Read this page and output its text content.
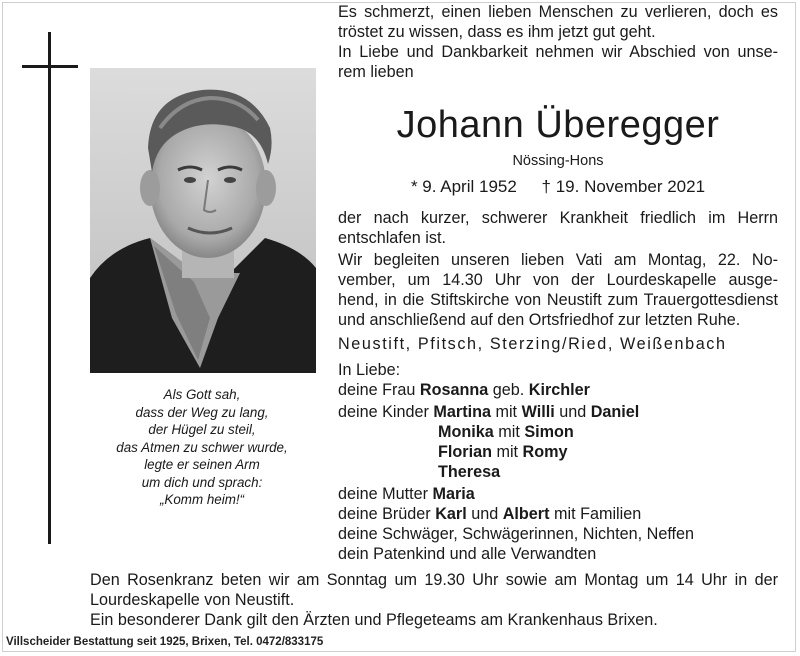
Als Gott sah,
dass der Weg zu lang,
der Hügel zu steil,
das Atmen zu schwer wurde,
legte er seinen Arm
um dich und sprach:
„Komm heim!“
Es schmerzt, einen lieben Menschen zu verlieren, doch es
tröstet zu wissen, dass es ihm jetzt gut geht.
In Liebe und Dankbarkeit nehmen wir Abschied von unse-
rem lieben
Johann Überegger
Nössing-Hons
* 9. April 1952 † 19. November 2021
der nach kurzer, schwerer Krankheit friedlich im Herrn
entschlafen ist.
Wir begleiten unseren lieben Vati am Montag, 22. No-
vember, um 14.30 Uhr von der Lourdeskapelle ausge-
hend, in die Stiftskirche von Neustift zum Trauergottesdienst
und anschließend auf den Ortsfriedhof zur letzten Ruhe.
Neustift, Pfitsch, Sterzing/Ried, Weißenbach
In Liebe:
deine Frau Rosanna geb. Kirchler
deine Kinder Martina mit Willi und Daniel
Monika mit Simon
Florian mit Romy
Theresa
deine Mutter Maria
deine Brüder Karl und Albert mit Familien
deine Schwäger, Schwägerinnen, Nichten, Neffen
dein Patenkind und alle Verwandten
Den Rosenkranz beten wir am Sonntag um 19.30 Uhr sowie am Montag um 14 Uhr in der
Lourdeskapelle von Neustift.
Ein besonderer Dank gilt den Ärzten und Pflegeteams am Krankenhaus Brixen.
Villscheider Bestattung seit 1925, Brixen, Tel. 0472/833175
